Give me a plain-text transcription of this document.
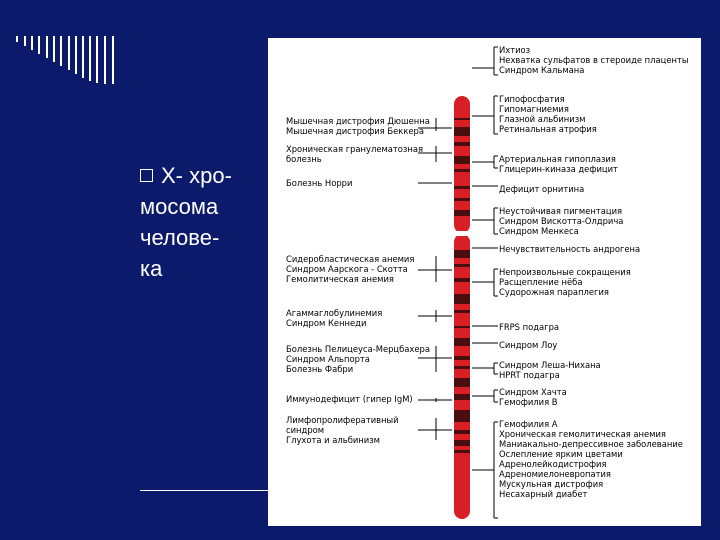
X- хро-
мосома
челове-
ка
Мышечная дистрофия Дюшенна
Мышечная дистрофия Беккера
Хроническая гранулематозная
болезнь
Болезнь Норри
Сидеробластическая анемия
Синдром Аарскога - Скотта
Гемолитическая анемия
Агаммаглобулинемия
Синдром Кеннеди
Болезнь Пелицеуса-Мерцбахера
Синдром Альпорта
Болезнь Фабри
Иммунодефицит (гипер IgM)
Лимфопролиферативный
синдром
Глухота и альбинизм
Ихтиоз
Нехватка сульфатов в стероиде плаценты
Синдром Кальмана
Гипофосфатия
Гипомагниемия
Глазной альбинизм
Ретинальная атрофия
Артериальная гипоплазия
Глицерин-киназа дефицит
Дефицит орнитина
Неустойчивая пигментация
Синдром Вискотта-Олдрича
Синдром Менкеса
Нечувствительность андрогена
Непроизвольные сокращения
Расщепление нёба
Судорожная параплегия
FRPS подагра
Синдром Лоу
Синдром Леша-Нихана
HPRT подагра
Синдром Хачта
Гемофилия В
Гемофилия А
Хроническая гемолитическая анемия
Маниакально-депрессивное заболевание
Ослепление ярким цветами
Адренолейкодистрофия
Адреномиелоневропатия
Мускульная дистрофия
Несахарный диабет
